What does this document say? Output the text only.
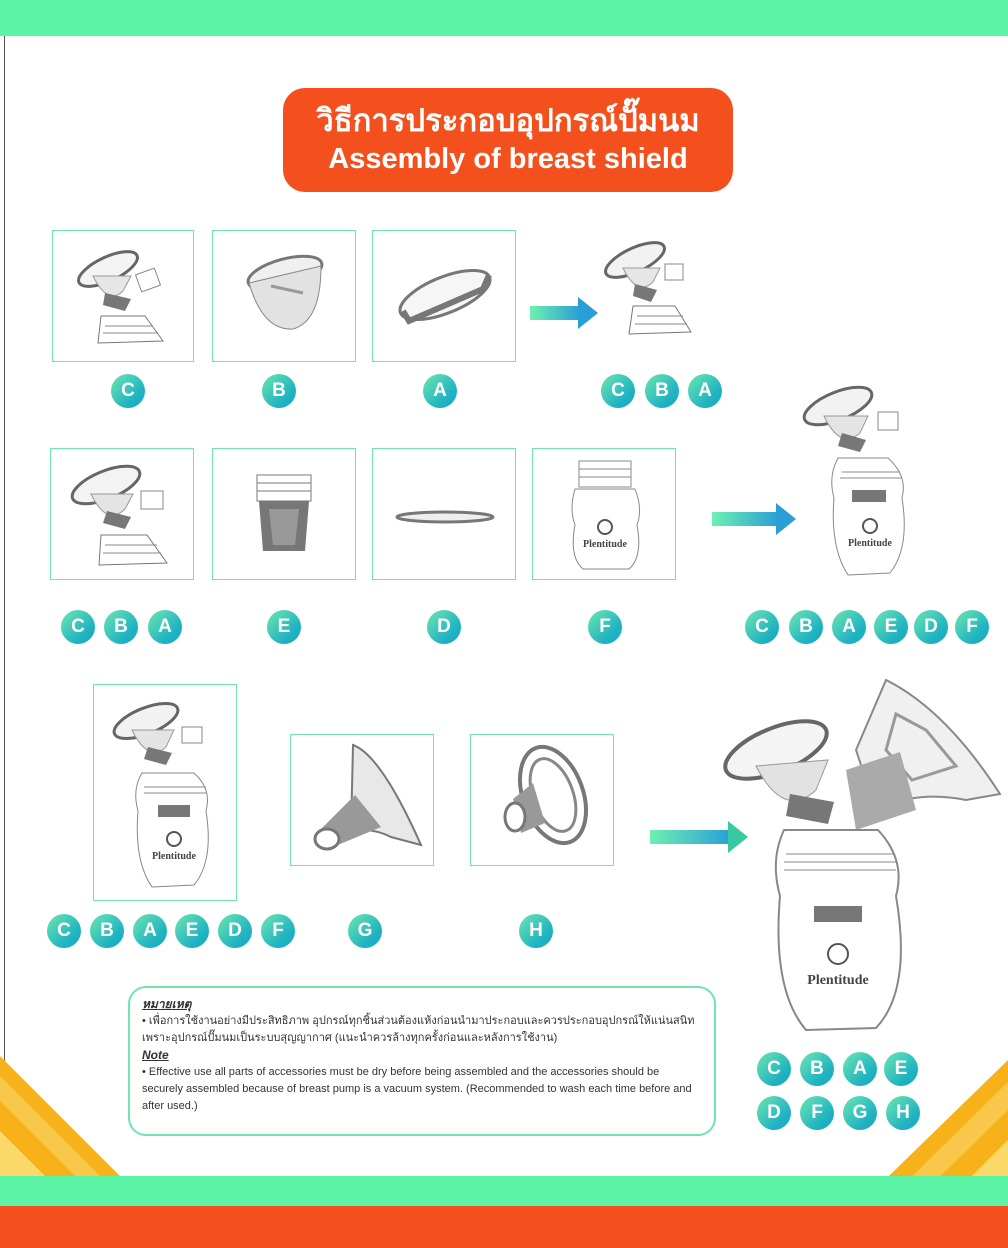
วิธีการประกอบอุปกรณ์ปั๊มนม
Assembly of breast shield
C	B	A	C	B	A
Plentitude
Plentitude
C	B	A	E	D	F	C	B	A	E	D	F
Plentitude
Plentitude
C	B	A	E	D	F	G	H
C	B	A	E
D	F	G	H
หมายเหตุ
• เพื่อการใช้งานอย่างมีประสิทธิภาพ อุปกรณ์ทุกชิ้นส่วนต้องแห้งก่อนนำมาประกอบและควรประกอบอุปกรณ์ให้แน่นสนิท เพราะอุปกรณ์ปั๊มนมเป็นระบบสุญญากาศ (แนะนำควรล้างทุกครั้งก่อนและหลังการใช้งาน)
Note
• Effective use all parts of accessories must be dry before being assembled and the accessories should be securely assembled because of breast pump is a vacuum system. (Recommended to wash each time before and after used.)
